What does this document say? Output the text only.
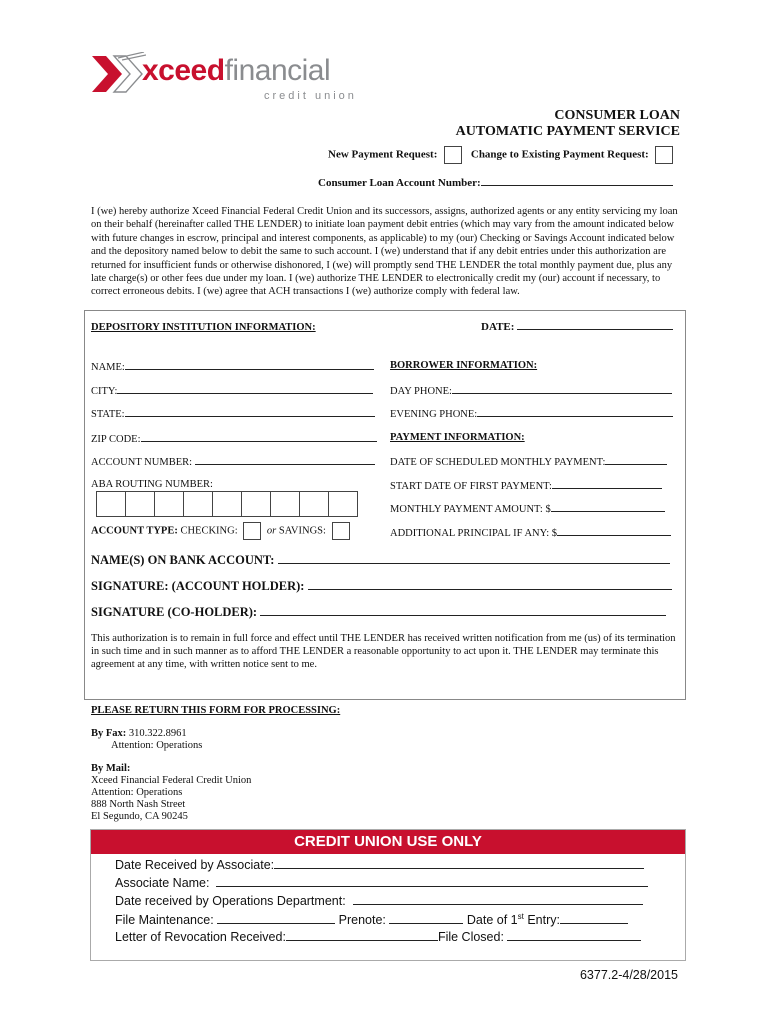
xceedfinancial
credit union
CONSUMER LOAN
AUTOMATIC PAYMENT SERVICE
New Payment Request:	Change to Existing Payment Request:
Consumer Loan Account Number:
I (we) hereby authorize Xceed Financial Federal Credit Union and its successors, assigns, authorized agents or any entity servicing my loan on their behalf (hereinafter called THE LENDER) to initiate loan payment debit entries (which may vary from the amount indicated below with future changes in escrow, principal and interest components, as applicable) to my (our) Checking or Savings Account indicated below and the depository named below to debit the same to such account. I (we) understand that if any debit entries under this authorization are returned for insufficient funds or otherwise dishonored, I (we) will promptly send THE LENDER the total monthly payment due, plus any late charge(s) or other fees due under my loan. I (we) authorize THE LENDER to electronically credit my (our) account if necessary, to correct erroneous debits. I (we) agree that ACH transactions I (we) authorize comply with federal law.
DEPOSITORY INSTITUTION INFORMATION:	DATE:
NAME:
CITY:
STATE:
ZIP CODE:
ACCOUNT NUMBER:
ABA ROUTING NUMBER:
ACCOUNT TYPE: CHECKING:	or SAVINGS:
BORROWER INFORMATION:
DAY PHONE:
EVENING PHONE:
PAYMENT INFORMATION:
DATE OF SCHEDULED MONTHLY PAYMENT:
START DATE OF FIRST PAYMENT:
MONTHLY PAYMENT AMOUNT: $
ADDITIONAL PRINCIPAL IF ANY: $
NAME(S) ON BANK ACCOUNT:
SIGNATURE: (ACCOUNT HOLDER):
SIGNATURE (CO-HOLDER):
This authorization is to remain in full force and effect until THE LENDER has received written notification from me (us) of its termination in such time and in such manner as to afford THE LENDER a reasonable opportunity to act upon it. THE LENDER may terminate this agreement at any time, with written notice sent to me.
PLEASE RETURN THIS FORM FOR PROCESSING:
By Fax: 310.322.8961
Attention: Operations
By Mail:
Xceed Financial Federal Credit Union
Attention: Operations
888 North Nash Street
El Segundo, CA 90245
CREDIT UNION USE ONLY
Date Received by Associate:
Associate Name:
Date received by Operations Department:
File Maintenance:	Prenote:	Date of 1st Entry:
Letter of Revocation Received:	File Closed:
6377.2-4/28/2015
